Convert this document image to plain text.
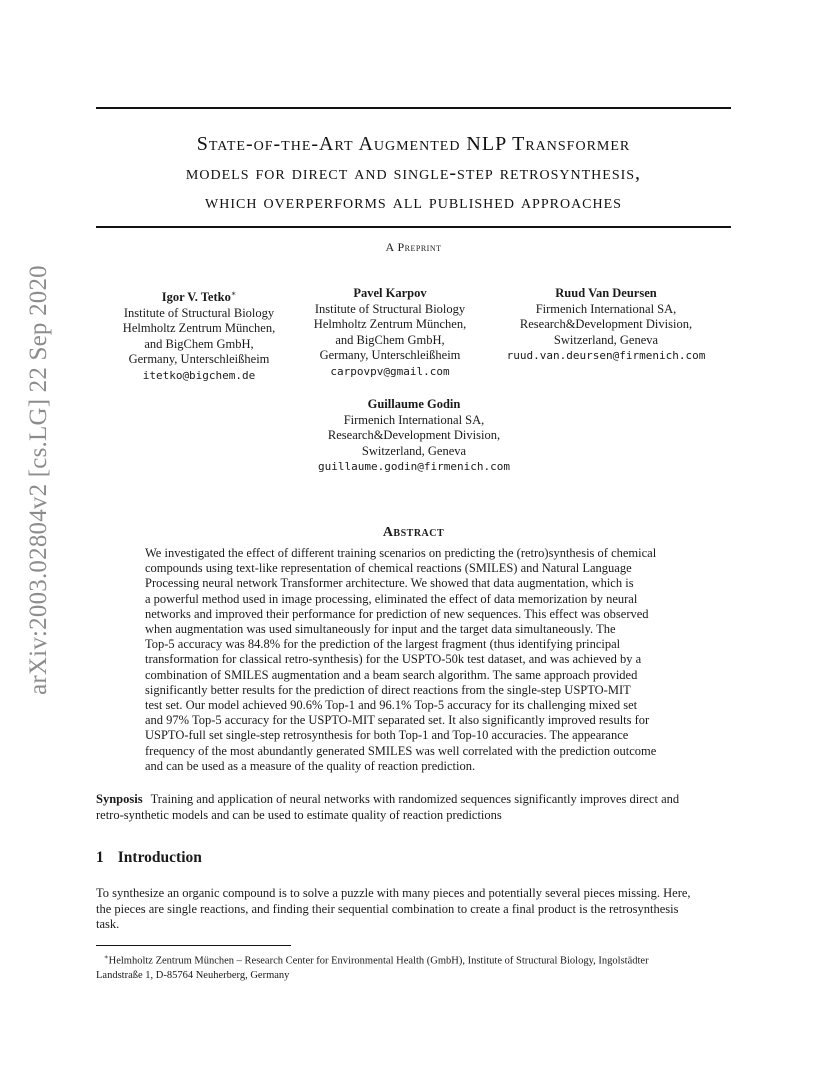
arXiv:2003.02804v2 [cs.LG] 22 Sep 2020
State-of-the-Art Augmented NLP Transformer
models for direct and single-step retrosynthesis,
which overperforms all published approaches
A Preprint
Igor V. Tetko∗
Institute of Structural Biology
Helmholtz Zentrum München,
and BigChem GmbH,
Germany, Unterschleißheim
itetko@bigchem.de
Pavel Karpov
Institute of Structural Biology
Helmholtz Zentrum München,
and BigChem GmbH,
Germany, Unterschleißheim
carpovpv@gmail.com
Ruud Van Deursen
Firmenich International SA,
Research&Development Division,
Switzerland, Geneva
ruud.van.deursen@firmenich.com
Guillaume Godin
Firmenich International SA,
Research&Development Division,
Switzerland, Geneva
guillaume.godin@firmenich.com
Abstract
We investigated the effect of different training scenarios on predicting the (retro)synthesis of chemical
compounds using text-like representation of chemical reactions (SMILES) and Natural Language
Processing neural network Transformer architecture. We showed that data augmentation, which is
a powerful method used in image processing, eliminated the effect of data memorization by neural
networks and improved their performance for prediction of new sequences. This effect was observed
when augmentation was used simultaneously for input and the target data simultaneously. The
Top-5 accuracy was 84.8% for the prediction of the largest fragment (thus identifying principal
transformation for classical retro-synthesis) for the USPTO-50k test dataset, and was achieved by a
combination of SMILES augmentation and a beam search algorithm. The same approach provided
significantly better results for the prediction of direct reactions from the single-step USPTO-MIT
test set. Our model achieved 90.6% Top-1 and 96.1% Top-5 accuracy for its challenging mixed set
and 97% Top-5 accuracy for the USPTO-MIT separated set. It also significantly improved results for
USPTO-full set single-step retrosynthesis for both Top-1 and Top-10 accuracies. The appearance
frequency of the most abundantly generated SMILES was well correlated with the prediction outcome
and can be used as a measure of the quality of reaction prediction.
Synposis Training and application of neural networks with randomized sequences significantly improves direct and
retro-synthetic models and can be used to estimate quality of reaction predictions
1 Introduction
To synthesize an organic compound is to solve a puzzle with many pieces and potentially several pieces missing. Here,
the pieces are single reactions, and finding their sequential combination to create a final product is the retrosynthesis
task.
∗Helmholtz Zentrum München – Research Center for Environmental Health (GmbH), Institute of Structural Biology, Ingolstädter
Landstraße 1, D-85764 Neuherberg, Germany
